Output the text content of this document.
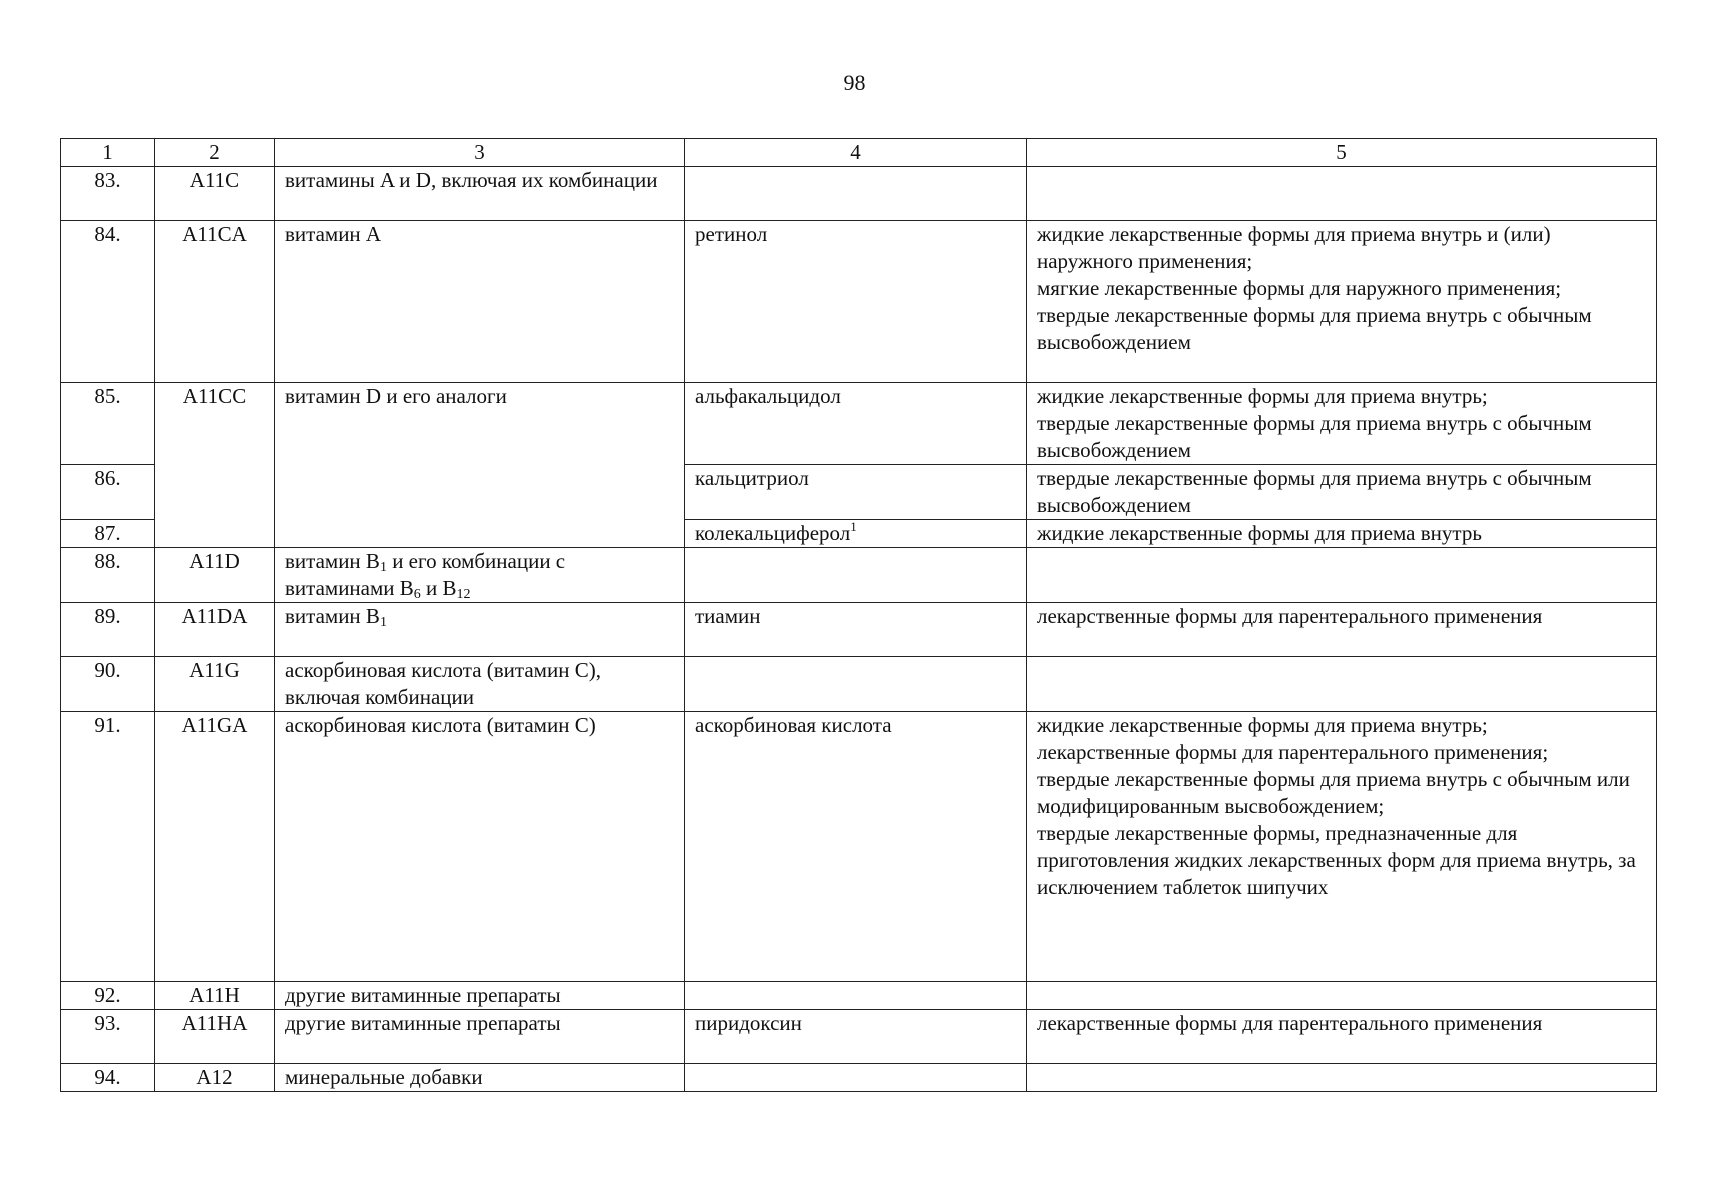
98
1	2	3	4	5
83.	A11C	витамины A и D, включая их комбинации		
84.	A11CA	витамин A	ретинол	жидкие лекарственные формы для приема внутрь и (или) наружного применения;
мягкие лекарственные формы для наружного применения;
твердые лекарственные формы для приема внутрь с обычным высвобождением

85.	A11CC	витамин D и его аналоги	альфакальцидол	жидкие лекарственные формы для приема внутрь;
твердые лекарственные формы для приема внутрь с обычным высвобождением

86.			кальцитриол	твердые лекарственные формы для приема внутрь с обычным высвобождением

87.			колекальциферол$^1$	жидкие лекарственные формы для приема внутрь

88.	A11D	витамин $B_1$ и его комбинации с витаминами $B_6$ и $B_{12}$		
89.	A11DA	витамин $B_1$	тиамин	лекарственные формы для парентерального применения

90.	A11G	аскорбиновая кислота (витамин C), включая комбинации		
91.	A11GA	аскорбиновая кислота (витамин C)	аскорбиновая кислота	жидкие лекарственные формы для приема внутрь;
лекарственные формы для парентерального применения;
твердые лекарственные формы для приема внутрь с обычным или модифицированным высвобождением;
твердые лекарственные формы, предназначенные для приготовления жидких лекарственных форм для приема внутрь, за исключением таблеток шипучих

92.	A11H	другие витаминные препараты		
93.	A11HA	другие витаминные препараты	пиридоксин	лекарственные формы для парентерального применения

94.	A12	минеральные добавки		
